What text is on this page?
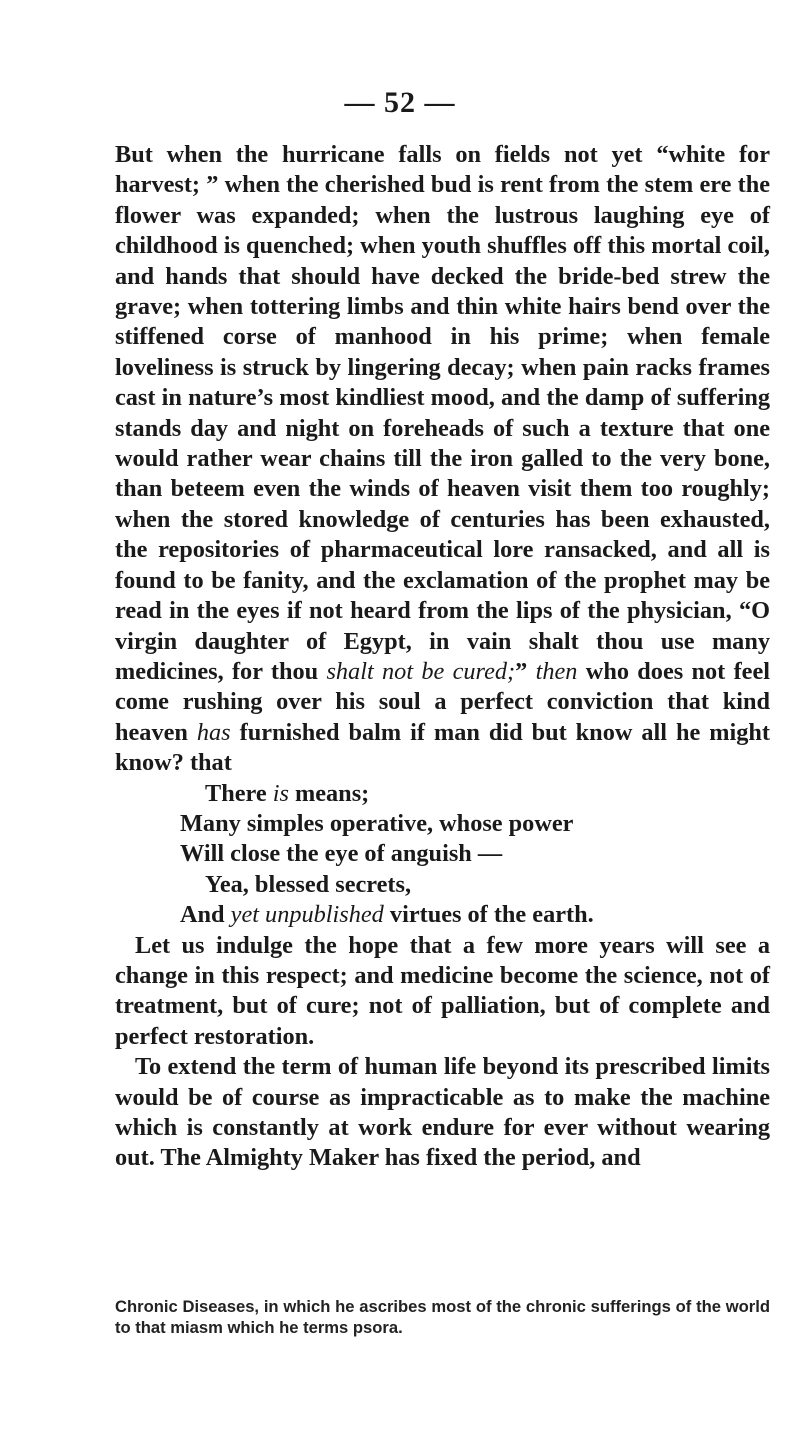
— 52 —

But when the hurricane falls on fields not yet “white for harvest; ” when the cherished bud is rent from the stem ere the flower was expanded; when the lustrous laughing eye of childhood is quenched; when youth shuffles off this mortal coil, and hands that should have decked the bride-bed strew the grave; when tottering limbs and thin white hairs bend over the stiffened corse of manhood in his prime; when female loveliness is struck by lingering decay; when pain racks frames cast in nature’s most kindliest mood, and the damp of suffering stands day and night on foreheads of such a texture that one would rather wear chains till the iron galled to the very bone, than beteem even the winds of heaven visit them too roughly; when the stored knowledge of centuries has been exhausted, the repositories of pharmaceutical lore ransacked, and all is found to be fanity, and the exclamation of the prophet may be read in the eyes if not heard from the lips of the physician, “O virgin daughter of Egypt, in vain shalt thou use many medicines, for thou shalt not be cured;” then who does not feel come rushing over his soul a perfect conviction that kind heaven has furnished balm if man did but know all he might know? that

There is means;
Many simples operative, whose power
Will close the eye of anguish —
Yea, blessed secrets,
And yet unpublished virtues of the earth.

Let us indulge the hope that a few more years will see a change in this respect; and medicine become the science, not of treatment, but of cure; not of palliation, but of complete and perfect restoration.

To extend the term of human life beyond its prescribed limits would be of course as impracticable as to make the machine which is constantly at work endure for ever without wearing out. The Almighty Maker has fixed the period, and

Chronic Diseases, in which he ascribes most of the chronic sufferings of the world to that miasm which he terms psora.
